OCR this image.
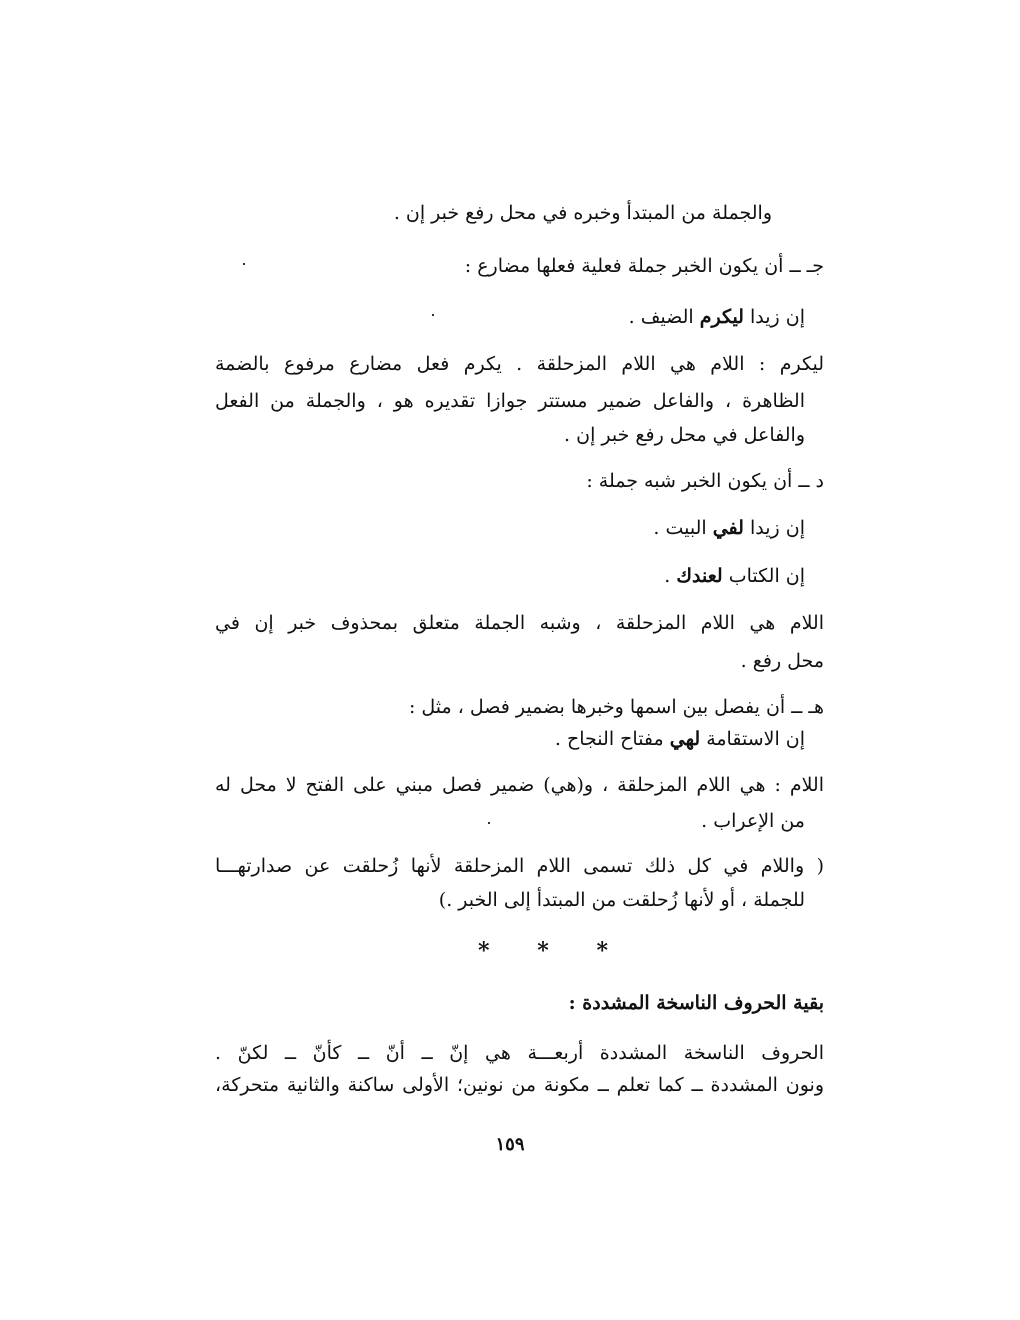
والجملة من المبتدأ وخبره في محل رفع خبر إن .
جـ ــ أن يكون الخبر جملة فعلية فعلها مضارع :
إن زيدا ليكرم الضيف .
ليكرم : اللام هي اللام المزحلقة . يكرم فعل مضارع مرفوع بالضمة
الظاهرة ، والفاعل ضمير مستتر جوازا تقديره هو ، والجملة من الفعل
والفاعل في محل رفع خبر إن .
د ــ أن يكون الخبر شبه جملة :
إن زيدا لفي البيت .
إن الكتاب لعندك .
اللام هي اللام المزحلقة ، وشبه الجملة متعلق بمحذوف خبر إن في
محل رفع .
هـ ــ أن يفصل بين اسمها وخبرها بضمير فصل ، مثل :
إن الاستقامة لهي مفتاح النجاح .
اللام : هي اللام المزحلقة ، و(هي) ضمير فصل مبني على الفتح لا محل له
من الإعراب .
( واللام في كل ذلك تسمى اللام المزحلقة لأنها زُحلقت عن صدارتهـــا
للجملة ، أو لأنها زُحلقت من المبتدأ إلى الخبر .)
* * *
بقية الحروف الناسخة المشددة :
الحروف الناسخة المشددة أربعـــة هي إنّ ــ أنّ ــ كأنّ ــ لكنّ .
ونون المشددة ــ كما تعلم ــ مكونة من نونين؛ الأولى ساكنة والثانية متحركة،
١٥٩
